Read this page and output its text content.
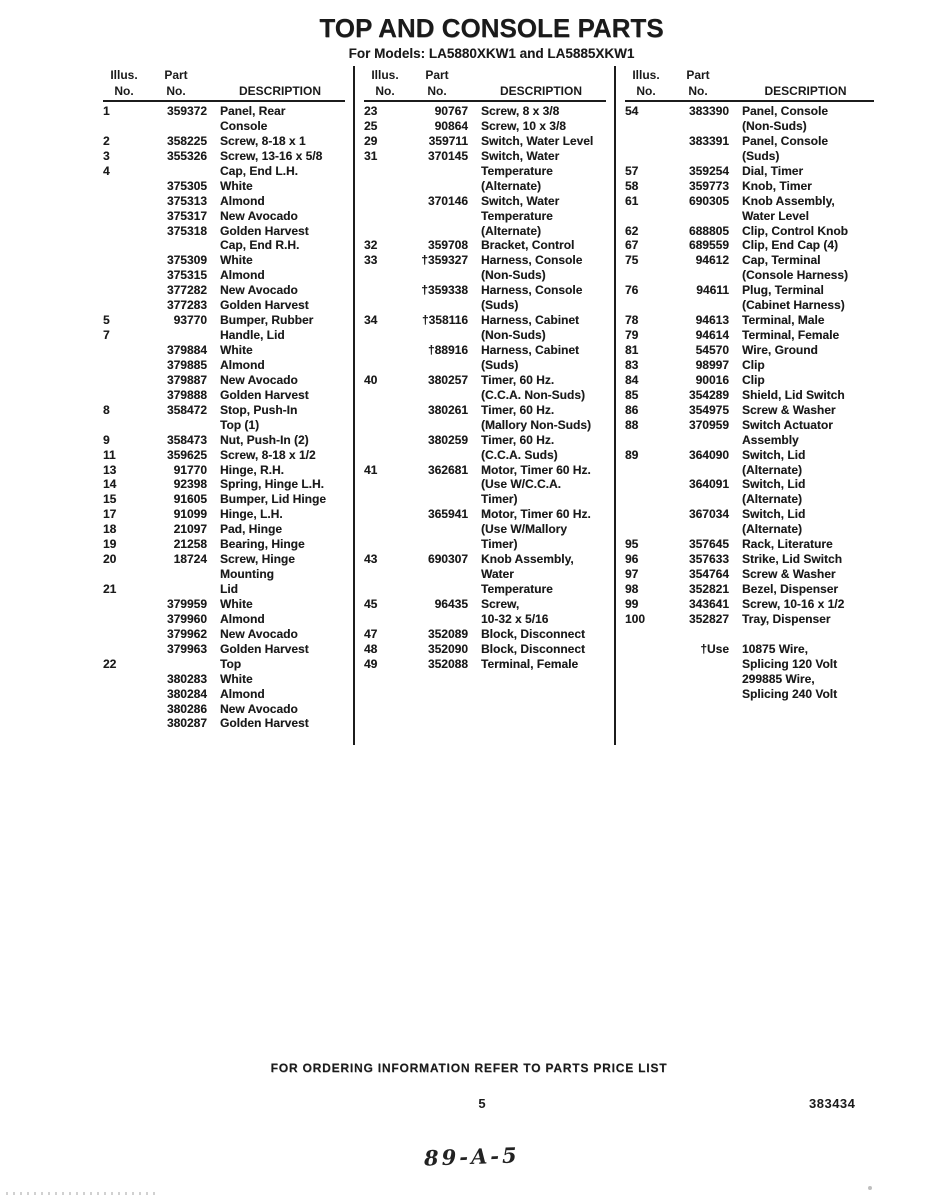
TOP AND CONSOLE PARTS
For Models: LA5880XKW1 and LA5885XKW1
Illus.
No.
Part
No.	DESCRIPTION
1	359372 Panel, Rear
Console
2	358225 Screw, 8-18 x 1
3	355326 Screw, 13-16 x 5/8
4	Cap, End L.H.
375305 White
375313 Almond
375317 New Avocado
375318 Golden Harvest
Cap, End R.H.
375309 White
375315 Almond
377282 New Avocado
377283 Golden Harvest
5	93770 Bumper, Rubber
7	Handle, Lid
379884 White
379885 Almond
379887 New Avocado
379888 Golden Harvest
8	358472 Stop, Push-In
Top (1)
9	358473 Nut, Push-In (2)
11	359625 Screw, 8-18 x 1/2
13	91770 Hinge, R.H.
14	92398 Spring, Hinge L.H.
15	91605 Bumper, Lid Hinge
17	91099 Hinge, L.H.
18	21097 Pad, Hinge
19	21258 Bearing, Hinge
20	18724 Screw, Hinge
Mounting
21	Lid
379959 White
379960 Almond
379962 New Avocado
379963 Golden Harvest
22	Top
380283 White
380284 Almond
380286 New Avocado
380287 Golden Harvest
Illus.
No.
Part
No.	DESCRIPTION
23	90767 Screw, 8 x 3/8
25	90864 Screw, 10 x 3/8
29	359711 Switch, Water Level
31	370145 Switch, Water
Temperature
(Alternate)
370146 Switch, Water
Temperature
(Alternate)
32	359708 Bracket, Control
33	†359327 Harness, Console
(Non-Suds)
†359338 Harness, Console
(Suds)
34	†358116 Harness, Cabinet
(Non-Suds)
†88916 Harness, Cabinet
(Suds)
40	380257 Timer, 60 Hz.
(C.C.A. Non-Suds)
380261 Timer, 60 Hz.
(Mallory Non-Suds)
380259 Timer, 60 Hz.
(C.C.A. Suds)
41	362681 Motor, Timer 60 Hz.
(Use W/C.C.A.
Timer)
365941 Motor, Timer 60 Hz.
(Use W/Mallory
Timer)
43	690307 Knob Assembly,
Water
Temperature
45	96435 Screw,
10-32 x 5/16
47	352089 Block, Disconnect
48	352090 Block, Disconnect
49	352088 Terminal, Female
Illus.
No.
Part
No.	DESCRIPTION
54	383390 Panel, Console
(Non-Suds)
383391 Panel, Console
(Suds)
57	359254 Dial, Timer
58	359773 Knob, Timer
61	690305 Knob Assembly,
Water Level
62	688805 Clip, Control Knob
67	689559 Clip, End Cap (4)
75	94612 Cap, Terminal
(Console Harness)
76	94611 Plug, Terminal
(Cabinet Harness)
78	94613 Terminal, Male
79	94614 Terminal, Female
81	54570 Wire, Ground
83	98997 Clip
84	90016 Clip
85	354289 Shield, Lid Switch
86	354975 Screw & Washer
88	370959 Switch Actuator
Assembly
89	364090 Switch, Lid
(Alternate)
364091 Switch, Lid
(Alternate)
367034 Switch, Lid
(Alternate)
95	357645 Rack, Literature
96	357633 Strike, Lid Switch
97	354764 Screw & Washer
98	352821 Bezel, Dispenser
99	343641 Screw, 10-16 x 1/2
100	352827 Tray, Dispenser
†Use 10875 Wire,
Splicing 120 Volt
299885 Wire,
Splicing 240 Volt
FOR ORDERING INFORMATION REFER TO PARTS PRICE LIST
5	383434
89-A-5
